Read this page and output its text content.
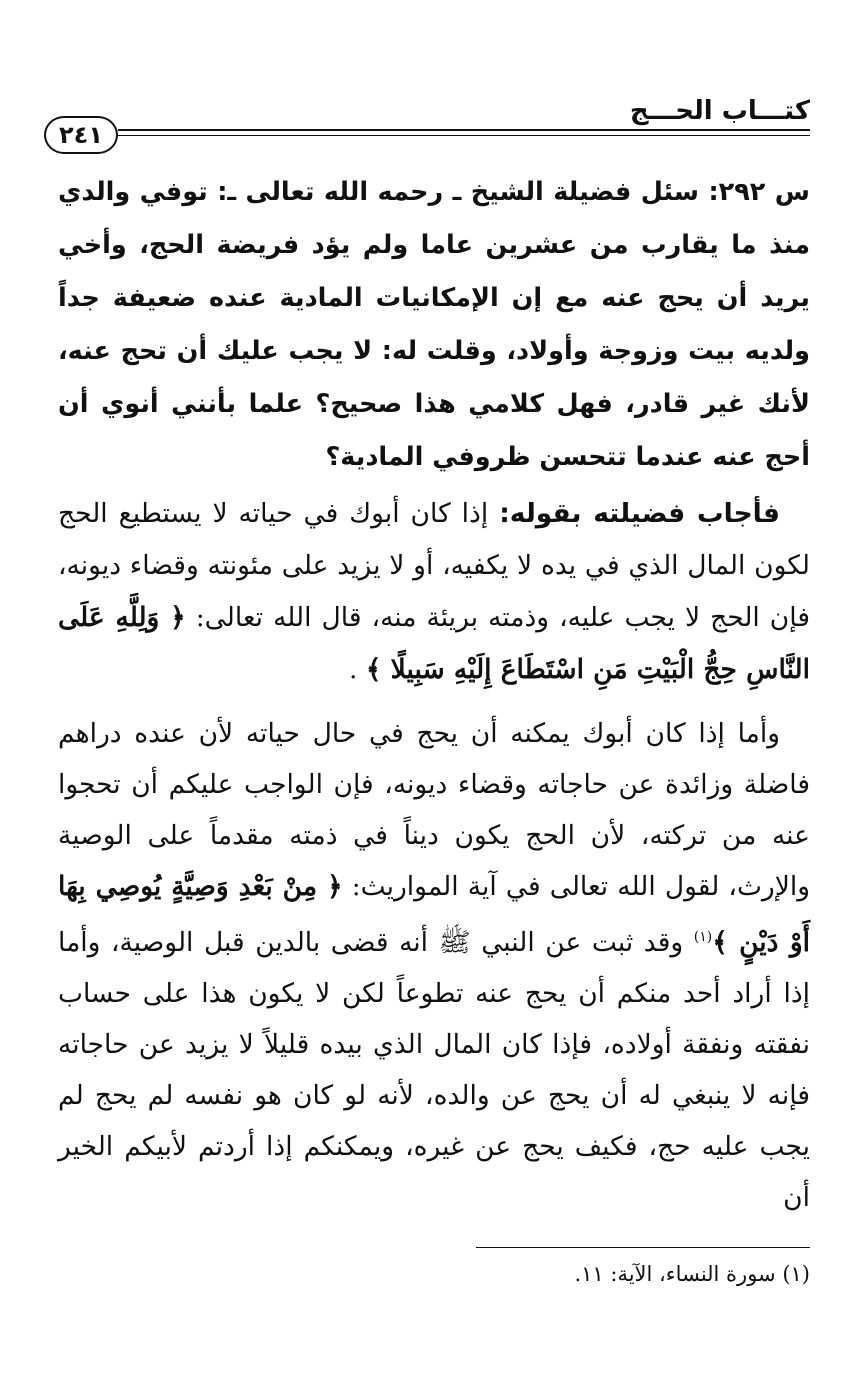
كتـــاب الحـــج
٢٤١
س ٢٩٢: سئل فضيلة الشيخ ـ رحمه الله تعالى ـ: توفي والدي منذ ما يقارب من عشرين عاما ولم يؤد فريضة الحج، وأخي يريد أن يحج عنه مع إن الإمكانيات المادية عنده ضعيفة جداً ولديه بيت وزوجة وأولاد، وقلت له: لا يجب عليك أن تحج عنه، لأنك غير قادر، فهل كلامي هذا صحيح؟ علما بأنني أنوي أن أحج عنه عندما تتحسن ظروفي المادية؟
فأجاب فضيلته بقوله: إذا كان أبوك في حياته لا يستطيع الحج لكون المال الذي في يده لا يكفيه، أو لا يزيد على مئونته وقضاء ديونه، فإن الحج لا يجب عليه، وذمته بريئة منه، قال الله تعالى: ﴿ وَلِلَّهِ عَلَى النَّاسِ حِجُّ الْبَيْتِ مَنِ اسْتَطَاعَ إِلَيْهِ سَبِيلًا ﴾ .
وأما إذا كان أبوك يمكنه أن يحج في حال حياته لأن عنده دراهم فاضلة وزائدة عن حاجاته وقضاء ديونه، فإن الواجب عليكم أن تحجوا عنه من تركته، لأن الحج يكون ديناً في ذمته مقدماً على الوصية والإرث، لقول الله تعالى في آية المواريث: ﴿ مِنْ بَعْدِ وَصِيَّةٍ يُوصِي بِهَا أَوْ دَيْنٍ ﴾$^{(١)}$ وقد ثبت عن النبي ﷺ أنه قضى بالدين قبل الوصية، وأما إذا أراد أحد منكم أن يحج عنه تطوعاً لكن لا يكون هذا على حساب نفقته ونفقة أولاده، فإذا كان المال الذي بيده قليلاً لا يزيد عن حاجاته فإنه لا ينبغي له أن يحج عن والده، لأنه لو كان هو نفسه لم يحج لم يجب عليه حج، فكيف يحج عن غيره، ويمكنكم إذا أردتم لأبيكم الخير أن
(١) سورة النساء، الآية: ١١.
